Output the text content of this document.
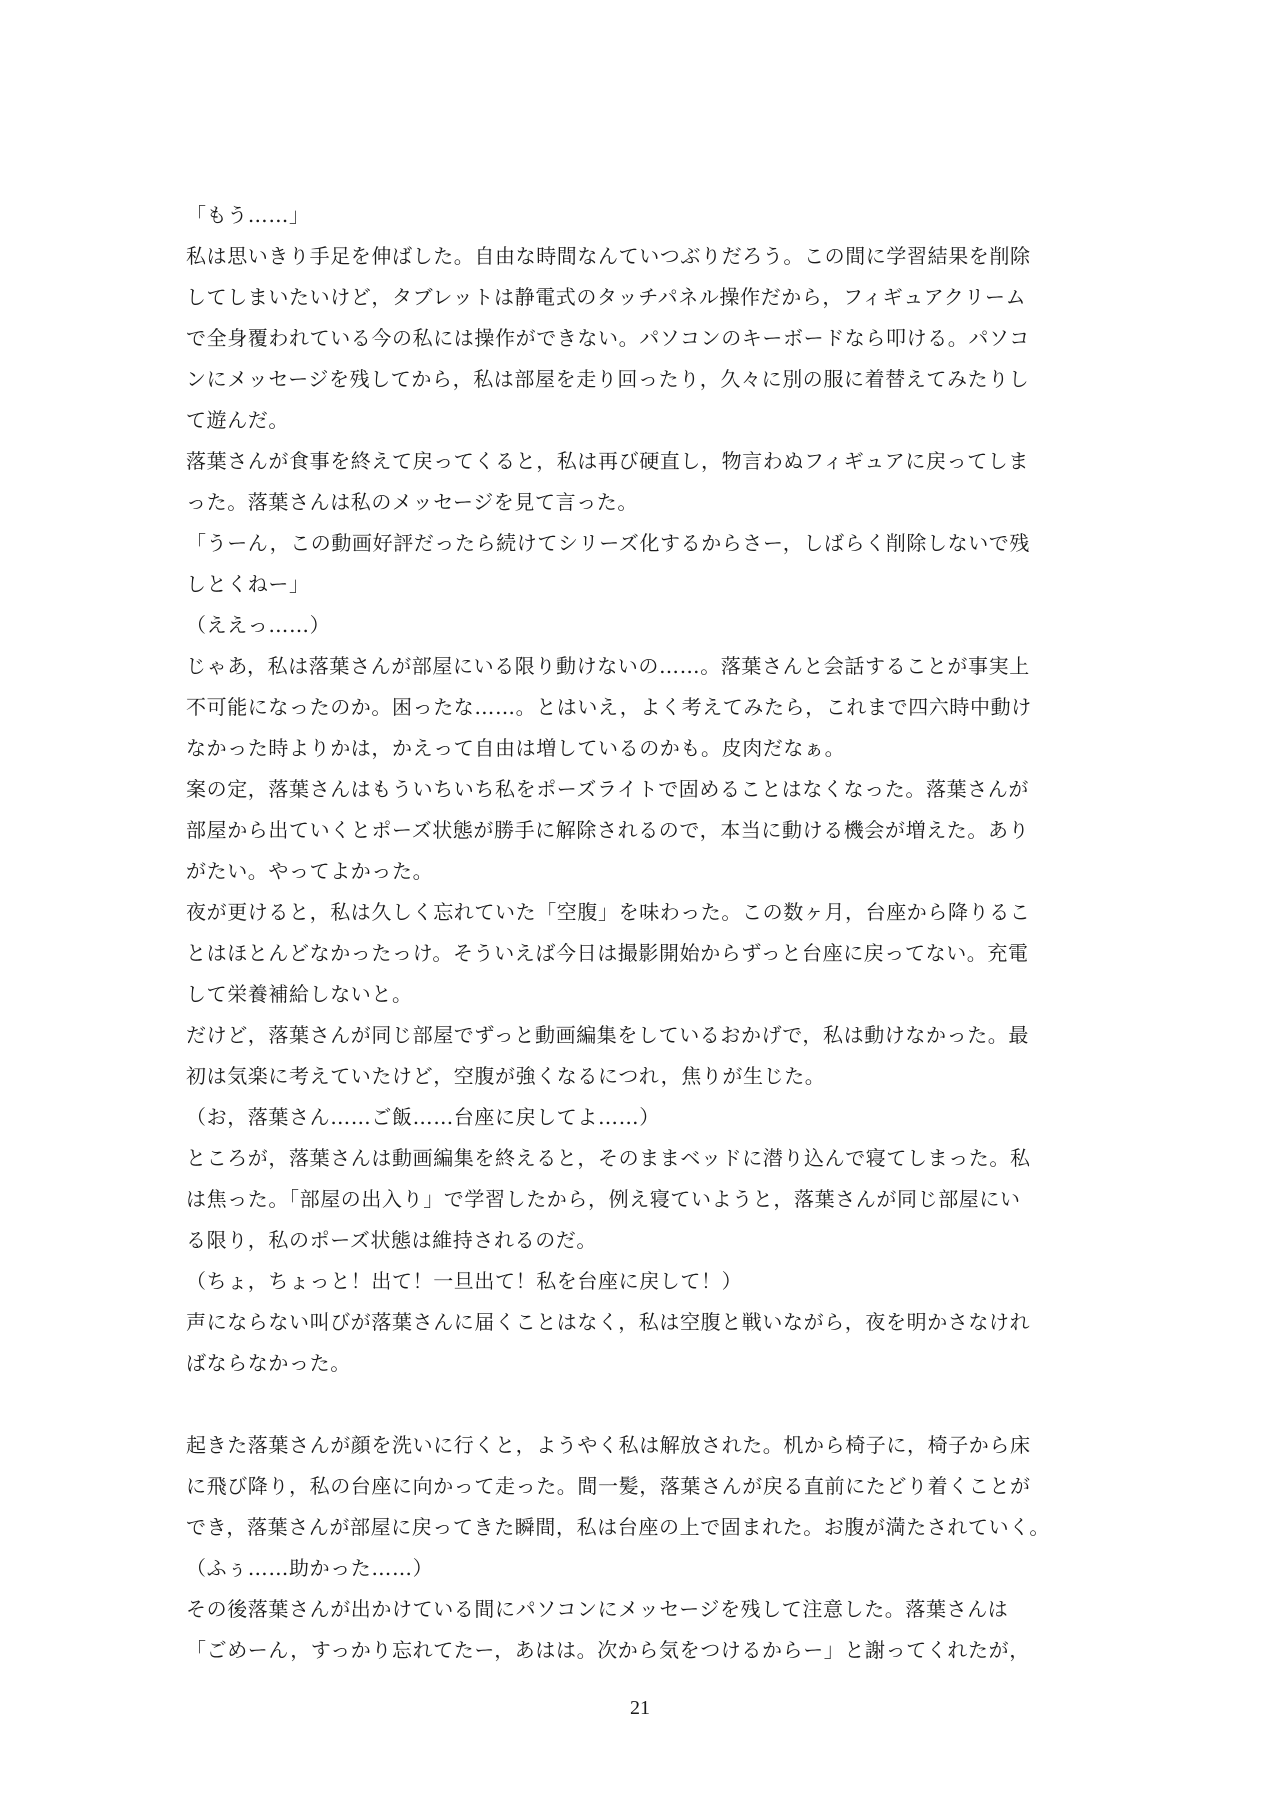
「もう……」
私は思いきり手足を伸ばした。自由な時間なんていつぶりだろう。この間に学習結果を削除
してしまいたいけど，タブレットは静電式のタッチパネル操作だから，フィギュアクリーム
で全身覆われている今の私には操作ができない。パソコンのキーボードなら叩ける。パソコ
ンにメッセージを残してから，私は部屋を走り回ったり，久々に別の服に着替えてみたりし
て遊んだ。
落葉さんが食事を終えて戻ってくると，私は再び硬直し，物言わぬフィギュアに戻ってしま
った。落葉さんは私のメッセージを見て言った。
「うーん，この動画好評だったら続けてシリーズ化するからさー，しばらく削除しないで残
しとくねー」
（ええっ……）
じゃあ，私は落葉さんが部屋にいる限り動けないの……。落葉さんと会話することが事実上
不可能になったのか。困ったな……。とはいえ，よく考えてみたら，これまで四六時中動け
なかった時よりかは，かえって自由は増しているのかも。皮肉だなぁ。
案の定，落葉さんはもういちいち私をポーズライトで固めることはなくなった。落葉さんが
部屋から出ていくとポーズ状態が勝手に解除されるので，本当に動ける機会が増えた。あり
がたい。やってよかった。
夜が更けると，私は久しく忘れていた「空腹」を味わった。この数ヶ月，台座から降りるこ
とはほとんどなかったっけ。そういえば今日は撮影開始からずっと台座に戻ってない。充電
して栄養補給しないと。
だけど，落葉さんが同じ部屋でずっと動画編集をしているおかげで，私は動けなかった。最
初は気楽に考えていたけど，空腹が強くなるにつれ，焦りが生じた。
（お，落葉さん……ご飯……台座に戻してよ……）
ところが，落葉さんは動画編集を終えると，そのままベッドに潜り込んで寝てしまった。私
は焦った。「部屋の出入り」で学習したから，例え寝ていようと，落葉さんが同じ部屋にい
る限り，私のポーズ状態は維持されるのだ。
（ちょ，ちょっと！出て！一旦出て！私を台座に戻して！）
声にならない叫びが落葉さんに届くことはなく，私は空腹と戦いながら，夜を明かさなけれ
ばならなかった。
起きた落葉さんが顔を洗いに行くと，ようやく私は解放された。机から椅子に，椅子から床
に飛び降り，私の台座に向かって走った。間一髪，落葉さんが戻る直前にたどり着くことが
でき，落葉さんが部屋に戻ってきた瞬間，私は台座の上で固まれた。お腹が満たされていく。
（ふぅ……助かった……）
その後落葉さんが出かけている間にパソコンにメッセージを残して注意した。落葉さんは
「ごめーん，すっかり忘れてたー，あはは。次から気をつけるからー」と謝ってくれたが，
21
